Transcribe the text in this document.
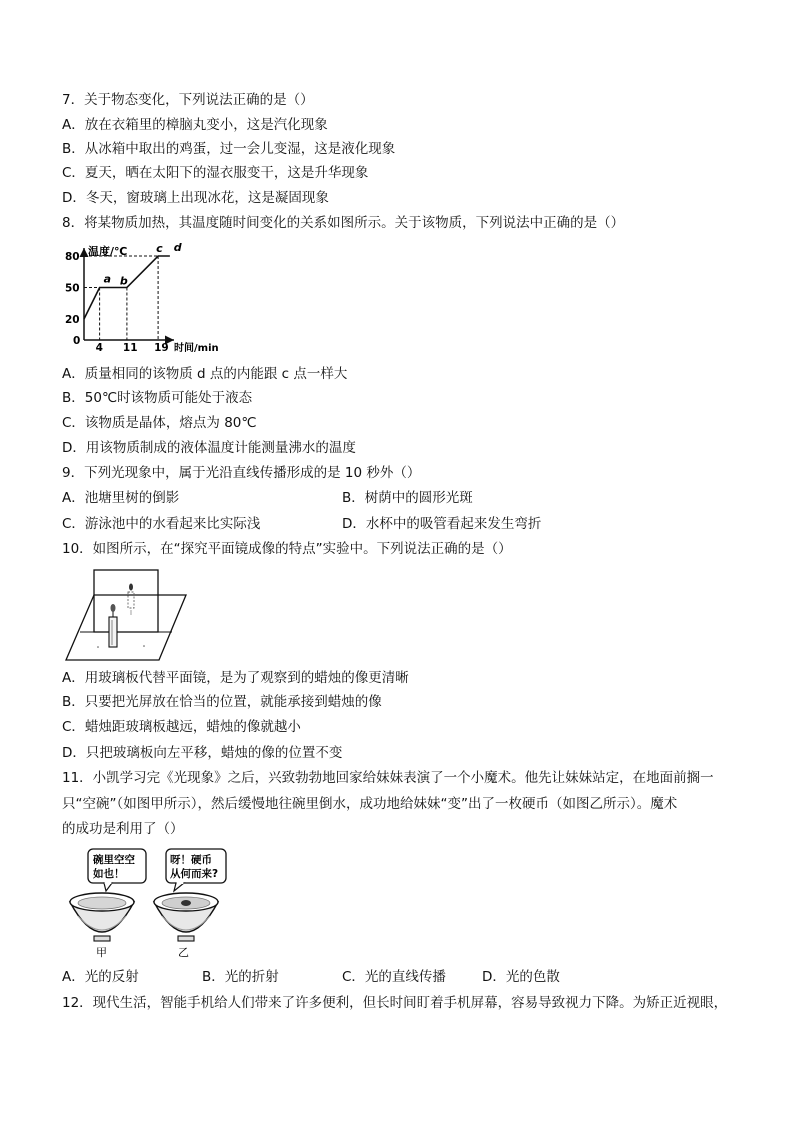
7．关于物态变化，下列说法正确的是（）
A．放在衣箱里的樟脑丸变小，这是汽化现象
B．从冰箱中取出的鸡蛋，过一会儿变湿，这是液化现象
C．夏天，晒在太阳下的湿衣服变干，这是升华现象
D．冬天，窗玻璃上出现冰花，这是凝固现象
8．将某物质加热，其温度随时间变化的关系如图所示。关于该物质，下列说法中正确的是（）
温度/℃
时间/min
80
50
20
0
4 11 19
a b
c d
A．质量相同的该物质 d 点的内能跟 c 点一样大
B．50℃时该物质可能处于液态
C．该物质是晶体，熔点为 80℃
D．用该物质制成的液体温度计能测量沸水的温度
9．下列光现象中，属于光沿直线传播形成的是 10 秒外（）
A．池塘里树的倒影	B．树荫中的圆形光斑
C．游泳池中的水看起来比实际浅	D．水杯中的吸管看起来发生弯折
10．如图所示，在“探究平面镜成像的特点”实验中。下列说法正确的是（）
A．用玻璃板代替平面镜，是为了观察到的蜡烛的像更清晰
B．只要把光屏放在恰当的位置，就能承接到蜡烛的像
C．蜡烛距玻璃板越远，蜡烛的像就越小
D．只把玻璃板向左平移，蜡烛的像的位置不变
11．小凯学习完《光现象》之后，兴致勃勃地回家给妹妹表演了一个小魔术。他先让妹妹站定，在地面前搁一
只“空碗”（如图甲所示），然后缓慢地往碗里倒水，成功地给妹妹“变”出了一枚硬币（如图乙所示）。魔术
的成功是利用了（）
碗里空空
如也！
呀！硬币
从何而来?
甲	乙
A．光的反射	B．光的折射	C．光的直线传播	D．光的色散
12．现代生活，智能手机给人们带来了许多便利，但长时间盯着手机屏幕，容易导致视力下降。为矫正近视眼，
